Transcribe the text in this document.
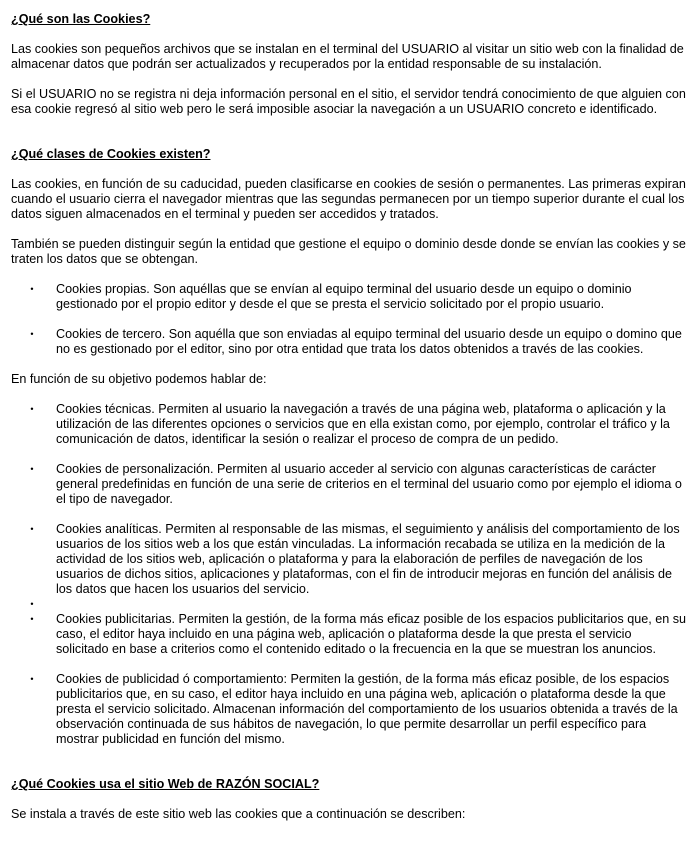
¿Qué son las Cookies?

Las cookies son pequeños archivos que se instalan en el terminal del USUARIO al visitar un sitio web con la finalidad de almacenar datos que podrán ser actualizados y recuperados por la entidad responsable de su instalación.

Si el USUARIO no se registra ni deja información personal en el sitio, el servidor tendrá conocimiento de que alguien con esa cookie regresó al sitio web pero le será imposible asociar la navegación a un USUARIO concreto e identificado.

¿Qué clases de Cookies existen?

Las cookies, en función de su caducidad, pueden clasificarse en cookies de sesión o permanentes. Las primeras expiran cuando el usuario cierra el navegador mientras que las segundas permanecen por un tiempo superior durante el cual los datos siguen almacenados en el terminal y pueden ser accedidos y tratados.

También se pueden distinguir según la entidad que gestione el equipo o dominio desde donde se envían las cookies y se traten los datos que se obtengan.

• Cookies propias. Son aquéllas que se envían al equipo terminal del usuario desde un equipo o dominio gestionado por el propio editor y desde el que se presta el servicio solicitado por el propio usuario.
• Cookies de tercero. Son aquélla que son enviadas al equipo terminal del usuario desde un equipo o domino que no es gestionado por el editor, sino por otra entidad que trata los datos obtenidos a través de las cookies.

En función de su objetivo podemos hablar de:

• Cookies técnicas. Permiten al usuario la navegación a través de una página web, plataforma o aplicación y la utilización de las diferentes opciones o servicios que en ella existan como, por ejemplo, controlar el tráfico y la comunicación de datos, identificar la sesión o realizar el proceso de compra de un pedido.
• Cookies de personalización. Permiten al usuario acceder al servicio con algunas características de carácter general predefinidas en función de una serie de criterios en el terminal del usuario como por ejemplo el idioma o el tipo de navegador.
• Cookies analíticas. Permiten al responsable de las mismas, el seguimiento y análisis del comportamiento de los usuarios de los sitios web a los que están vinculadas. La información recabada se utiliza en la medición de la actividad de los sitios web, aplicación o plataforma y para la elaboración de perfiles de navegación de los usuarios de dichos sitios, aplicaciones y plataformas, con el fin de introducir mejoras en función del análisis de los datos que hacen los usuarios del servicio.
•
• Cookies publicitarias. Permiten la gestión, de la forma más eficaz posible de los espacios publicitarios que, en su caso, el editor haya incluido en una página web, aplicación o plataforma desde la que presta el servicio solicitado en base a criterios como el contenido editado o la frecuencia en la que se muestran los anuncios.
• Cookies de publicidad ó comportamiento: Permiten la gestión, de la forma más eficaz posible, de los espacios publicitarios que, en su caso, el editor haya incluido en una página web, aplicación o plataforma desde la que presta el servicio solicitado. Almacenan información del comportamiento de los usuarios obtenida a través de la observación continuada de sus hábitos de navegación, lo que permite desarrollar un perfil específico para mostrar publicidad en función del mismo.
¿Qué Cookies usa el sitio Web de RAZÓN SOCIAL?

Se instala a través de este sitio web las cookies que a continuación se describen:
